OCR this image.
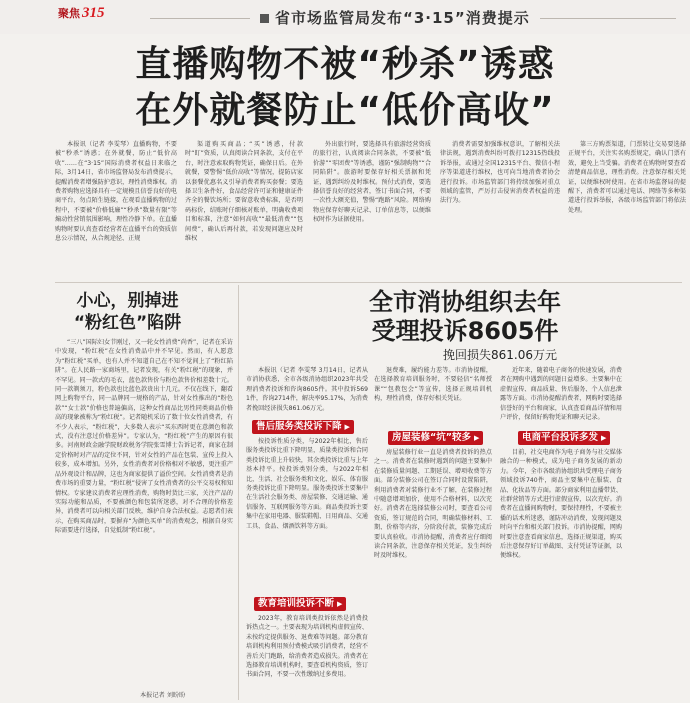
聚焦 315	省市场监管局发布“3·15”消费提示
直播购物不被“秒杀”诱惑
在外就餐防止“低价高收”

本报讯（记者 李雯琴）直播购物，不要被“秒杀”诱惑；在外就餐，防止“低价高收”……在“3·15”国际消费者权益日来临之际，3月14日，省市场监督局发布消费提示，提醒消费者增强防护意识，理性消费维权。消费者购物应选择具有一定规模且信誉良好的电商平台，勿点陌生链接，在观看直播购物的过程中，不要被“价格低廉”“秒杀”数量有限”等煽动性营销氛围影响，理性冷静下单。在直播购物时要认真查看经营者在直播平台的资质信息公示情况，从合规途径、正规

渠道购买商品；“买”诱惑，付款时“盯”资质，认真阅读合同条款，支付在平台，时注意索取购物凭证，确保日后。在外就餐，要警惕“低价高收”等情况，提防店家以套餐优惠名义引导消费者购买套餐；要选择卫生条件好，食品经营许可证和健康证件齐全的餐饮场所；要留意收费标准，是否明码标价，结账时仔细核对账单，明确收费项目和标准，注意“如何高收”“最低消费”“包间费”，确认后再付款，若发现问题应及时维权

外出旅行时，要选择具有旅游经营资质的旅行社，认真阅读合同条款，不要被“低价游”“零团费”等诱惑，谨防“强制购物”“合同陷阱”。旅游时要保存好相关票据和凭证，遇到纠纷及时维权。预付式消费，要选择信誉良好的经营者，签订书面合同，不要一次性大额充值，警惕“跑路”风险。网络购物应保存好聊天记录、订单信息等，以便维权时作为证据使用。

消费者需要加强维权意识，了解相关法律法规，遇到消费纠纷可拨打12315热线投诉举报，或通过全国12315平台、微信小程序等渠道进行维权，也可向当地消费者协会进行投诉。市场监管部门将持续加强对重点领域的监管，严厉打击侵害消费者权益的违法行为。

第三方购票渠道，门票转让交易要选择正规平台，关注实名购票规定，确认门票有效，避免上当受骗。消费者在购物时要查看清楚商品信息，理性消费。注意保存相关凭证，以便维权时使用。在省市场监督局的提醒下，消费者可以通过电话、网络等多种渠道进行投诉举报，各级市场监管部门将依法处理。

小心，别掉进
“粉红色”陷阱

“三八”国际妇女节刚过，又一轮女性消费“尚香”，记者在采访中发现，“粉红税”在女性消费品中并不罕见。然而，有人愿意为“粉红税”买单，也有人并不知道自己在不知不觉间上了“粉红陷阱”。在人民路一家商场里，记者发现，有关“粉红税”的现象，并不罕见。同一款式的毛衣，蓝色款售价与粉色款售价相差数十元。同一款剃须刀，粉色款也比蓝色款贵出十几元。不仅在线下，翻看网上购物平台，同一品牌同一规格的产品，针对女性推出的“粉色款”“女士款”价格也普遍偏高，这种女性商品比男性同类商品价格高的现象被称为“粉红税”。记者随机采访了数十位女性消费者，有不少人表示，“粉红税”，大多数人表示“买东西时更在意颜色和款式，没有注意过价格差异”。专家认为，“粉红税”产生的原因有很多。河南财政金融学院财政税务学院张雪博士告诉记者，商家在制定价格时对产品的定位不同，针对女性的产品在包装、宣传上投入较多，成本增加。另外，女性消费者对价格相对不敏感，更注重产品外观设计和品牌，这也为商家提供了溢价空间。女性消费者是消费市场的重要力量，“粉红税”侵害了女性消费者的公平交易权和知情权。专家建议消费者应理性消费，购物时货比三家，关注产品的实际功能和品质，不要被颜色和包装所迷惑，对不合理的价格差异，消费者可以向相关部门反映，维护自身合法权益。志愿者们表示，在购买商品时，要摒弃“为颜色买单”的消费观念，根据自身实际需要进行选择，自觉抵制“粉红税”。

本报记者 刘盼盼
全市消协组织去年
受理投诉8605件
挽回损失861.06万元

本报讯（记者 李雯琴 3月14日，记者从市消协获悉，全市各级消协组织2023年共受理消费者投诉和咨询8605件。其中投诉5691件，咨询2714件，解决率95.17%，为消费者挽回经济损失861.06万元。

售后服务类投诉下降 ▶

按投诉性质分类，与2022年相比，售后服务类投诉比重下降明显，质量类投诉和合同类投诉比重上升较快，其余类投诉比重与上年基本持平。按投诉类别分类，与2022年相比，生活、社会服务类和文化、娱乐、体育服务类投诉比重下降明显。服务类投诉主要集中在生活社会服务类、房屋装修、交通运输、通信服务、互联网服务等方面。商品类投诉主要集中在家用电器、服装鞋帽、日用商品、交通工具、食品、烟酒饮料等方面。

教育培训投诉不断 ▶

2023年，教育培训类投诉依然是消费投诉热点之一。主要表现为培训机构虚假宣传、未按约定提供服务、退费难等问题。部分教育培训机构利用预付费模式吸引消费者，经营不善后关门跑路，给消费者造成损失。消费者在选择教育培训机构时，要查看机构资质，签订书面合同，不要一次性缴纳过多费用。

退费难，履约能力差等。市消协提醒，在选择教育培训服务时，不要轻信“名师授课”“包教包会”等宣传，选择正规培训机构，理性消费，保存好相关凭证。

房屋装修“坑”较多 ▶

房屋装修行业一直是消费者投诉的热点之一。消费者在装修时遇到的问题主要集中在装修质量问题、工期延误、增项收费等方面。部分装修公司在签订合同时设置陷阱，利用消费者对装修行业不了解，在装修过程中随意增项加价，使用不合格材料，以次充好。消费者在选择装修公司时，要查看公司资质，签订规范的合同，明确装修材料、工期、价格等内容，分阶段付款，装修完成后要认真验收。市消协提醒，消费者应仔细阅读合同条款，注意保存相关凭证，发生纠纷时及时维权。

近年来，随着电子商务的快速发展，消费者在网购中遇到的问题日益增多。主要集中在虚假宣传、商品质量、售后服务、个人信息泄露等方面。市消协提醒消费者，网购时要选择信誉好的平台和商家，认真查看商品详情和用户评价，保留好购物凭证和聊天记录。

电商平台投诉多发 ▶

目前，社交电商作为电子商务与社交媒体融合的一种模式，成为电子商务发展的新动力。今年，全市各级消协组织共受理电子商务领域投诉740件，商品主要集中在服装、食品、化妆品等方面。部分商家利用直播带货、社群营销等方式进行虚假宣传，以次充好。消费者在直播间购物时，要保持理性，不要被主播的话术所迷惑，谨防冲动消费，发现问题及时向平台和相关部门投诉。市消协提醒，网购时要注意查看商家信息，选择正规渠道，购买后注意保存好订单截图、支付凭证等证据，以便维权。
